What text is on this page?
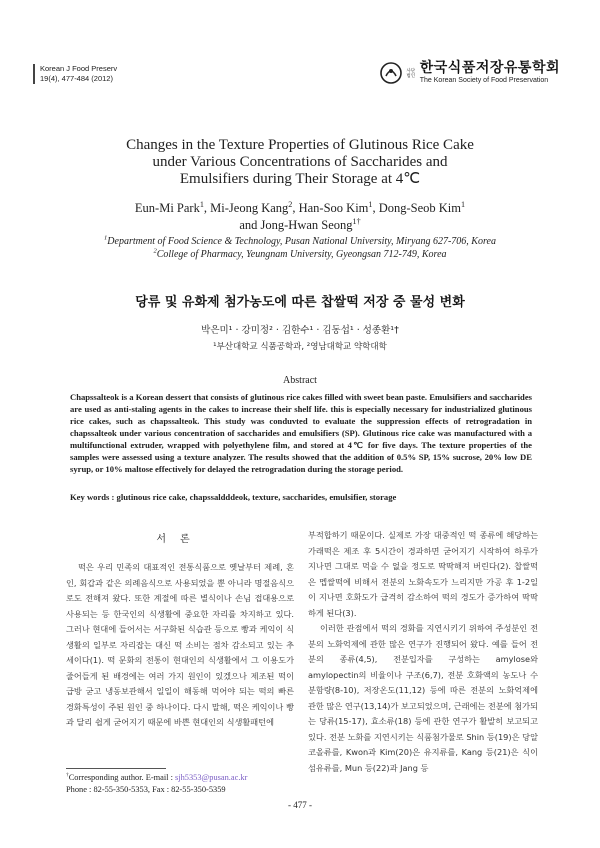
Korean J Food Preserv
19(4), 477-484 (2012)
사단
법인 한국식품저장유통학회
The Korean Society of Food Preservation
Changes in the Texture Properties of Glutinous Rice Cake
under Various Concentrations of Saccharides and
Emulsifiers during Their Storage at 4℃
Eun-Mi Park$^1$, Mi-Jeong Kang$^2$, Han-Soo Kim$^1$, Dong-Seob Kim$^1$
and Jong-Hwan Seong$^{1\dagger}$
$^1$Department of Food Science & Technology, Pusan National University, Miryang 627-706, Korea
$^2$College of Pharmacy, Yeungnam University, Gyeongsan 712-749, Korea
당류 및 유화제 첨가농도에 따른 찹쌀떡 저장 중 물성 변화
박은미¹ · 강미정² · 김한수¹ · 김동섭¹ · 성종환¹†
¹부산대학교 식품공학과, ²영남대학교 약학대학
Abstract
Chapssalteok is a Korean dessert that consists of glutinous rice cakes filled with sweet bean paste. Emulsifiers and saccharides are used as anti-staling agents in the cakes to increase their shelf life. this is especially necessary for industrialized glutinous rice cakes, such as chapssalteok. This study was conduvted to evaluate the suppression effects of retrogradation in chapssalteok under various concentration of saccharides and emulsifiers (SP). Glutinous rice cake was manufactured with a multifunctional extruder, wrapped with polyethylene film, and stored at 4℃ for five days. The texture properties of the samples were assessed using a texture analyzer. The results showed that the addition of 0.5% SP, 15% sucrose, 20% low DE syrup, or 10% maltose effectively for delayed the retrogradation during the storage period.
Key words : glutinous rice cake, chapssaldddeok, texture, saccharides, emulsifier, storage
서론

떡은 우리 민족의 대표적인 전통식품으로 옛날부터 제례, 혼인, 회갑과 같은 의례음식으로 사용되었을 뿐 아니라 명절음식으로도 전해져 왔다. 또한 계절에 따른 별식이나 손님 접대용으로 사용되는 등 한국인의 식생활에 중요한 자리를 차지하고 있다. 그러나 현대에 들어서는 서구화된 식습관 등으로 빵과 케익이 식생활의 일부로 자리잡는 대신 떡 소비는 점차 감소되고 있는 추세이다(1). 떡 문화의 전통이 현대인의 식생활에서 그 이용도가 줄어들게 된 배경에는 여러 가지 원인이 있겠으나 제조된 떡이 급방 굳고 냉동보관해서 일일이 해동해 먹어야 되는 떡의 빠른 경화특성이 주된 원인 중 하나이다. 다시 말해, 떡은 케익이나 빵과 달리 쉽게 굳어지기 때문에 바쁜 현대인의 식생활패턴에

부적합하기 때문이다. 실제로 가장 대중적인 떡 종류에 해당하는 가래떡은 제조 후 5시간이 경과하면 굳어지기 시작하여 하루가 지나면 그대로 먹을 수 없을 정도로 딱딱해져 버린다(2). 찹쌀떡은 멥쌀떡에 비해서 전분의 노화속도가 느리지만 가공 후 1-2일이 지나면 호화도가 급격히 감소하여 떡의 경도가 증가하여 딱딱하게 된다(3).

이러한 관점에서 떡의 경화를 지연시키기 위하여 주성분인 전분의 노화억제에 관한 많은 연구가 진행되어 왔다. 예를 들어 전분의 종류(4,5), 전분입자를 구성하는 amylose와 amylopectin의 비율이나 구조(6,7), 전분 호화액의 농도나 수분함량(8-10), 저장온도(11,12) 등에 따른 전분의 노화억제에 관한 많은 연구(13,14)가 보고되었으며, 근래에는 전분에 첨가되는 당류(15-17), 효소류(18) 등에 관한 연구가 활발히 보고되고 있다. 전분 노화를 지연시키는 식품첨가물로 Shin 등(19)은 당알코올류를, Kwon과 Kim(20)은 유지류를, Kang 등(21)은 식이섬유류를, Mun 등(22)과 Jang 등

†Corresponding author. E-mail : sjh5353@pusan.ac.kr
Phone : 82-55-350-5353, Fax : 82-55-350-5359
- 477 -
